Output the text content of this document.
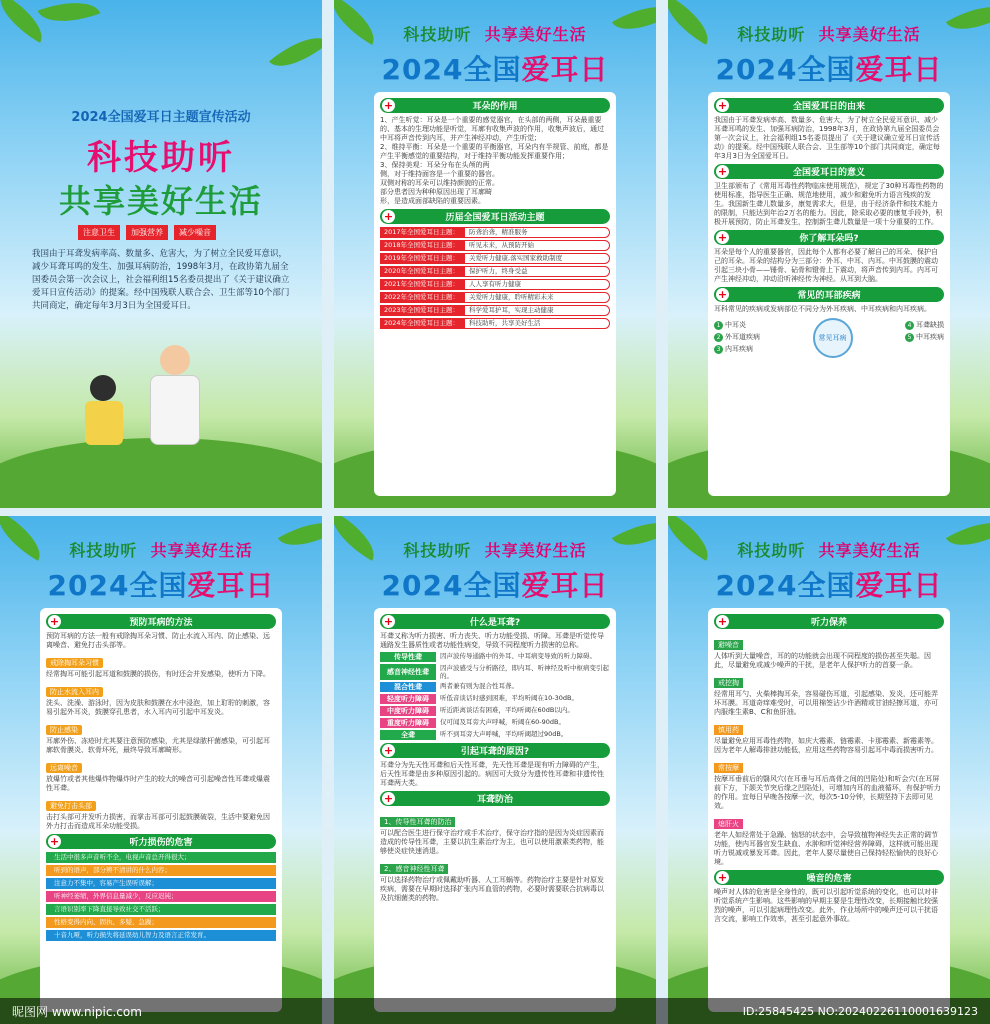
2024全国爱耳日主题宣传活动
科技助听
共享美好生活
注意卫生	加强营养	减少噪音
我国由于耳聋发病率高、数量多、危害大，为了树立全民爱耳意识，减少耳聋耳鸣的发生、加强耳病防治，1998年3月，在政协第九届全国委员会第一次会议上，社会福利组15名委员提出了《关于建议确立爱耳日宣传活动》的提案。经中国残联人联合会、卫生部等10个部门共同商定，确定每年3月3日为全国爱耳日。
科技助听 共享美好生活
2024全国爱耳日
+	耳朵的作用
1、产生听觉：耳朵是一个重要的感觉器官，在头部的两侧，耳朵最重要的、基本的生理功能是听觉，耳廓有收集声波的作用，收集声波后，通过中耳将声音传到内耳，并产生神经冲动，产生听觉；
2、维持平衡：耳朵是一个重要的平衡器官，耳朵内有半规管、前庭，都是产生平衡感觉的重要结构，对于维持平衡功能发挥重要作用；
3、保持美观：耳朵分布在头颅的两侧，对于维持面容是一个重要的器官。双侧对称的耳朵可以维持颜貌的正常。部分患者因为种种原因出现了耳廓畸形，是造成面部缺陷的重要因素。
+	历届全国爱耳日活动主题
2017年全国爱耳日主题：	防聋治聋，精准服务
2018年全国爱耳日主题：	听见未来，从预防开始
2019年全国爱耳日主题：	关爱听力健康,落实国家救助制度
2020年全国爱耳日主题：	保护听力，终身受益
2021年全国爱耳日主题：	人人享有听力健康
2022年全国爱耳日主题：	关爱听力健康，聆听精彩未来
2023年全国爱耳日主题：	科学爱耳护耳，实现主动健康
2024年全国爱耳日主题：	科技助听，共享美好生活
科技助听 共享美好生活
2024全国爱耳日
+	全国爱耳日的由来
我国由于耳聋发病率高、数量多、危害大，为了树立全民爱耳意识、减少耳聋耳鸣的发生、加强耳病防治，1998年3月，在政协第九届全国委员会第一次会议上，社会福利组15名委员提出了《关于建议确立爱耳日宣传活动》的提案。经中国残联人联合会、卫生部等10个部门共同商定，确定每年3月3日为全国爱耳日。
+	全国爱耳日的意义
卫生部颁布了《常用耳毒性药物临床使用规范》，规定了30种耳毒性药物的使用标准，指导医生正确、规范地使用，减少和避免听力语言残疾的发生。我国新生聋儿数量多，康复需求大，但是，由于经济条件和技术能力的限制，只能达到年治2万名的能力。因此，除采取必要的康复手段外，积极开展预防，防止耳聋发生，控制新生聋儿数量是一项十分重要的工作。
+	你了解耳朵吗?
耳朵是每个人的重要器官，因此每个人都有必要了解自己的耳朵、保护自己的耳朵。耳朵的结构分为三部分：外耳、中耳、内耳。中耳鼓膜的震动引起三块小骨——锤骨、砧骨和镫骨上下震动，将声音传到内耳。内耳可产生神经冲动，冲动沿听神经传为神经。从耳到大脑。
+	常见的耳部疾病
耳科常见的疾病或发病部位不同分为外耳疾病、中耳疾病和内耳疾病。
1 中耳炎
2 外耳道疾病
3 内耳疾病
常见耳病
4 耳聋缺损
5 中耳疾病
科技助听 共享美好生活
2024全国爱耳日
+	预防耳病的方法
预防耳病的方法一般有戒除掏耳朵习惯、防止水流入耳内、防止感染、远离噪音、避免打击头部等。
戒除掏耳朵习惯
经常掏耳可能引起耳道和鼓膜的损伤，有时还会并发感染，使听力下降。
防止水流入耳内
洗头、洗澡、游泳时，因为皮肤和鼓膜在水中浸泡，加上耵聍的刺激，容易引起外耳炎，鼓膜穿孔患者，水入耳内可引起中耳发炎。
防止感染
耳廓外伤、冻疮时尤其要注意预防感染，尤其是绿脓杆菌感染，可引起耳廓软骨膜炎、软骨坏死，最终导致耳廓畸形。
远离噪音
放爆竹或者其他爆炸物爆炸时产生的较大的噪音可引起噪音性耳聋或爆震性耳聋。
避免打击头部
击打头部可并发听力损害，而掌击耳部可引起鼓膜破裂，生活中要避免因外力打击而造成耳朵功能受损。
+	听力损伤的危害
生活中很多声音听不全，电视声音总开得很大；
听到的语声，部分辨不清讲的什么内容；
注意力不集中，容易产生误听误解；
听神经萎缩，外界信息量减少，反应迟钝；
言语识别率下降直接导致社交不活跃；
性格变得内向、固执、多疑、急躁；
十音九哑，听力损失将延误幼儿智力及语言正常发育。
科技助听 共享美好生活
2024全国爱耳日
+	什么是耳聋?
耳聋又称为听力损害、听力丧失、听力功能受损、听障。耳聋是听觉传导通路发生器质性或者功能性病变，导致不同程度听力损害的总称。
传导性聋	因声波传导通路中的外耳、中耳病变导致的听力障碍。
感音神经性聋	因声波感受与分析路径，即内耳、听神经及听中枢病变引起的。
混合性聋	两者兼有则为混合性耳聋。
轻度听力障碍	听低音谈话时感到困难，平均听阈在10-30dB。
中度听力障碍	听近距离谈话有困难，平均听阈在60dB以内。
重度听力障碍	仅可闻及耳旁大声呼喊，听阈在60-90dB。
全聋	听不到耳旁大声呼喊，平均听阈超过90dB。
+	引起耳聋的原因?
耳聋分为先天性耳聋和后天性耳聋，先天性耳聋是现有听力障碍的产生，后天性耳聋是由多种原因引起的。病因可大致分为遗传性耳聋和非遗传性耳聋两大类。
+	耳聋防治
1、传导性耳聋的防治
可以配合医生进行保守治疗或手术治疗，保守治疗指的是因为炎症因素而造成的传导性耳聋，主要以抗生素治疗为主，也可以使用激素类药物，能够使炎症快速消退。
2、感音神经性耳聋
可以选择药物治疗或佩戴助听器、人工耳蜗等。药物治疗主要是针对原发疾病，需要在早期时选择扩张内耳血管的药物，必要时需要联合抗病毒以及抗细菌类的药物。
科技助听 共享美好生活
2024全国爱耳日
+	听力保养
避噪音
人体听到大量噪音，耳的的功能就会出现不同程度的损伤甚至失聪。因此，尽量避免或减少噪声的干扰，是老年人保护听力的首要一条。
戒挖掏
经常用耳勺、火柴棒掏耳朵，容易碰伤耳道，引起感染、发炎，还可能弄坏耳膜。耳道奇痒难受时，可以用棉签沾少许酒精或甘油轻擦耳道，亦可内服维生素B、C和鱼肝油。
慎用药
尽量避免应用耳毒性药物，如庆大霉素、链霉素、卡那霉素、新霉素等。因为老年人解毒排泄功能低，应用这些药物容易引起耳中毒而损害听力。
常按摩
按摩耳垂前后的翳风穴(在耳垂与耳后高骨之间的凹陷处)和听会穴(在耳屏前下方，下颌关节突后缘之凹陷处)，可增加内耳的血液循环，有保护听力的作用。宜每日早晚各按摩一次，每次5-10分钟，长期坚持下去即可见效。
熄肝火
老年人如经常处于急躁、恼怒的状态中，会导致植物神经失去正常的调节功能，使内耳器官发生缺血、水肿和听觉神经营养障碍，这样就可能出现听力锐减或暴发耳聋。因此，老年人要尽量使自己保持轻松愉快的良好心境。
+	噪音的危害
噪声对人体的危害是全身性的，既可以引起听觉系统的变化，也可以对非听觉系统产生影响。这些影响的早期主要是生理性改变，长期接触比较强烈的噪声，可以引起病理性改变。此外，作业场所中的噪声还可以干扰语言交流，影响工作效率，甚至引起意外事故。
昵图网 www.nipic.com	ID:25845425 NO:20240226110001639123
